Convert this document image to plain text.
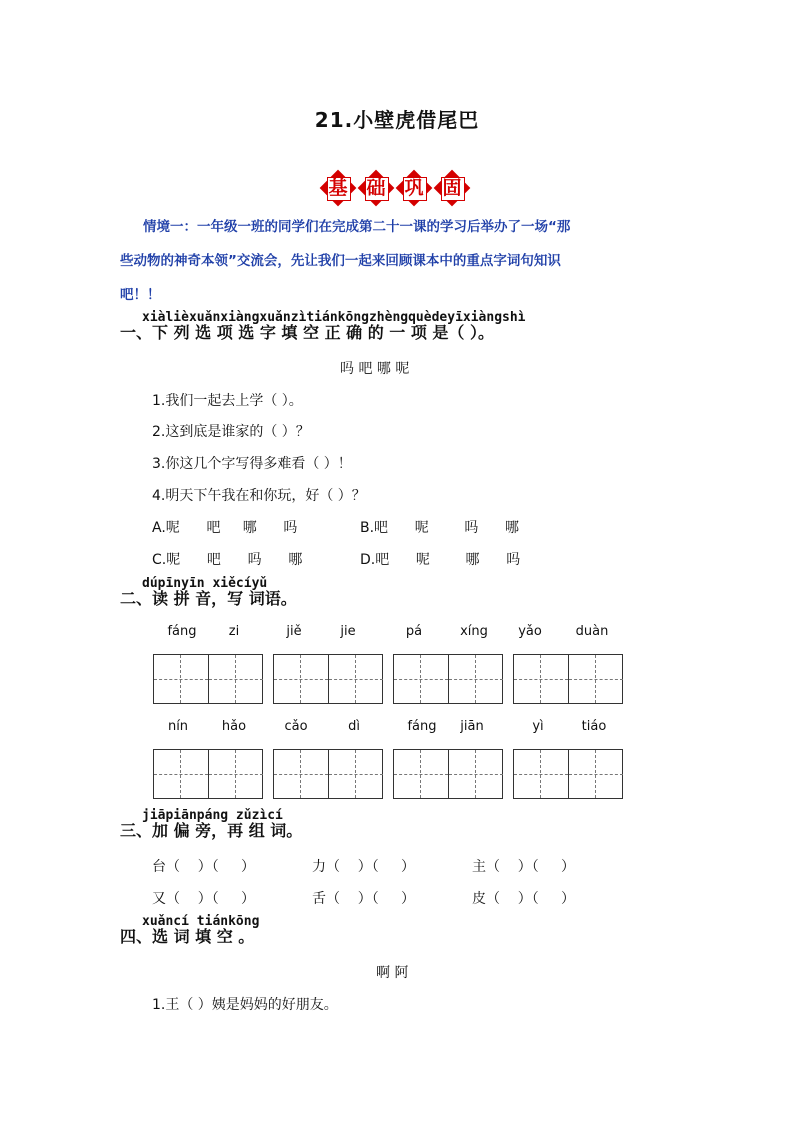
21.小壁虎借尾巴
基 础 巩 固
情境一：一年级一班的同学们在完成第二十一课的学习后举办了一场“那
些动物的神奇本领”交流会，先让我们一起来回顾课本中的重点字词句知识
吧！！
xiàlièxuǎnxiàngxuǎnzìtiánkōngzhèngquèdeyīxiàngshì
一、下 列 选 项 选 字 填 空 正 确 的 一 项 是（ ）。
吗 吧 哪 呢
1.我们一起去上学（ ）。
2.这到底是谁家的（ ）？
3.你这几个字写得多难看（ ）！
4.明天下午我在和你玩，好（ ）？
A.呢      吧     哪      吗	B.吧      呢        吗      哪
C.呢      吧      吗      哪	D.吧      呢        哪      吗
dúpīnyīn xiěcíyǔ
二、读 拼 音，写 词语。
fáng	zi	jiě	jie	pá	xíng	yǎo	duàn
nín	hǎo	cǎo	dì	fáng	jiān	yì	tiáo
jiāpiānpáng zǔzìcí
三、加 偏 旁，再 组 词。
台（    ）（     ）	力（    ）（     ）	主（    ）（     ）
又（    ）（     ）	舌（    ）（     ）	皮（    ）（     ）
xuǎncí tiánkōng
四、选 词 填 空 。
啊 阿
1.王（ ）姨是妈妈的好朋友。
